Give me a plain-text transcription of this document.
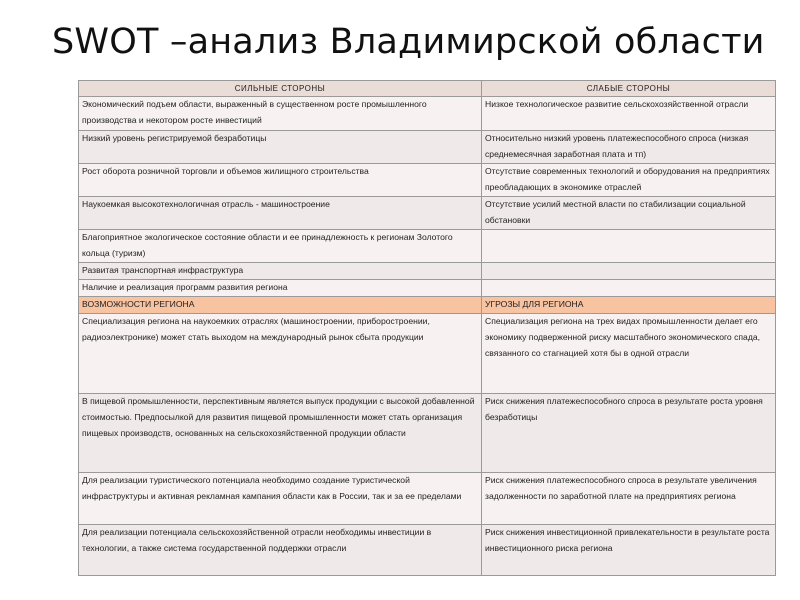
SWOT –анализ Владимирской области
СИЛЬНЫЕ СТОРОНЫ	СЛАБЫЕ СТОРОНЫ
Экономический подъем области, выраженный в существенном росте промышленного производства и некотором росте инвестиций	Низкое технологическое развитие сельскохозяйственной отрасли
Низкий уровень регистрируемой безработицы	Относительно низкий уровень платежеспособного спроса (низкая среднемесячная заработная плата и тп)
Рост оборота розничной торговли и объемов жилищного строительства	Отсутствие современных технологий и оборудования на предприятиях преобладающих в экономике отраслей
Наукоемкая высокотехнологичная отрасль - машиностроение	Отсутствие усилий местной власти по стабилизации социальной обстановки
Благоприятное экологическое состояние области и ее принадлежность к регионам Золотого кольца (туризм)	
Развитая транспортная инфраструктура	
Наличие и реализация программ развития региона	
ВОЗМОЖНОСТИ РЕГИОНА	УГРОЗЫ ДЛЯ РЕГИОНА
Специализация региона на наукоемких отраслях (машиностроении, приборостроении, радиоэлектронике) может стать выходом на международный рынок сбыта продукции	Специализация региона на трех видах промышленности делает его экономику подверженной риску масштабного экономического спада, связанного со стагнацией хотя бы в одной отрасли
В пищевой промышленности, перспективным является выпуск продукции с высокой добавленной стоимостью. Предпосылкой для развития пищевой промышленности может стать организация пищевых производств, основанных на сельскохозяйственной продукции области	Риск снижения платежеспособного спроса в результате роста уровня безработицы
Для реализации туристического потенциала необходимо создание туристической инфраструктуры и активная рекламная кампания области как в России, так и за ее пределами	Риск снижения платежеспособного спроса в результате увеличения задолженности по заработной плате на предприятиях региона
Для реализации потенциала сельскохозяйственной отрасли необходимы инвестиции в технологии, а также система государственной поддержки отрасли	Риск снижения инвестиционной привлекательности в результате роста инвестиционного риска региона
